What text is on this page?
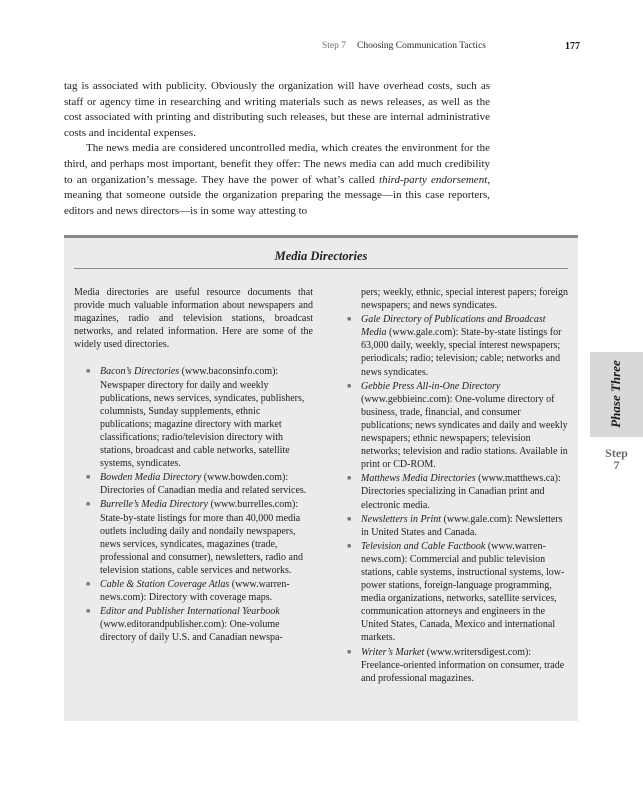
Step 7 Choosing Communication Tactics	177

tag is associated with publicity. Obviously the organization will have overhead costs, such as staff or agency time in researching and writing materials such as news releases, as well as the cost associated with printing and distributing such releases, but these are internal administrative costs and incidental expenses.

The news media are considered uncontrolled media, which creates the environment for the third, and perhaps most important, benefit they offer: The news media can add much credibility to an organization’s message. They have the power of what’s called third-party endorsement, meaning that someone outside the organization preparing the message—in this case reporters, editors and news directors—is in some way attesting to

Media Directories

Media directories are useful resource documents that provide much valuable information about newspapers and magazines, radio and television stations, broadcast networks, and related information. Here are some of the widely used directories.

■ Bacon’s Directories (www.baconsinfo.com): Newspaper directory for daily and weekly publications, news services, syndicates, publishers, columnists, Sunday supplements, ethnic publications; magazine directory with market classifications; radio/television directory with stations, broadcast and cable networks, satellite systems, syndicates.
■ Bowden Media Directory (www.bowden.com): Directories of Canadian media and related services.
■ Burrelle’s Media Directory (www.burrelles.com): State-by-state listings for more than 40,000 media outlets including daily and nondaily newspapers, news services, syndicates, magazines (trade, professional and consumer), newsletters, radio and television stations, cable services and networks.
■ Cable & Station Coverage Atlas (www.warren-news.com): Directory with coverage maps.
■ Editor and Publisher International Yearbook (www.editorandpublisher.com): One-volume directory of daily U.S. and Canadian newspa-

pers; weekly, ethnic, special interest papers; foreign newspapers; and news syndicates.

■ Gale Directory of Publications and Broadcast Media (www.gale.com): State-by-state listings for 63,000 daily, weekly, special interest newspapers; periodicals; radio; television; cable; networks and news syndicates.
■ Gebbie Press All-in-One Directory (www.gebbieinc.com): One-volume directory of business, trade, financial, and consumer publications; news syndicates and daily and weekly newspapers; ethnic newspapers; television networks; television and radio stations. Available in print or CD-ROM.
■ Matthews Media Directories (www.matthews.ca): Directories specializing in Canadian print and electronic media.
■ Newsletters in Print (www.gale.com): Newsletters in United States and Canada.
■ Television and Cable Factbook (www.warren-news.com): Commercial and public television stations, cable systems, instructional systems, low-power stations, foreign-language programming, media organizations, networks, satellite services, communication attorneys and engineers in the United States, Canada, Mexico and international markets.
■ Writer’s Market (www.writersdigest.com): Freelance-oriented information on consumer, trade and professional magazines.
Phase Three
Step
7
